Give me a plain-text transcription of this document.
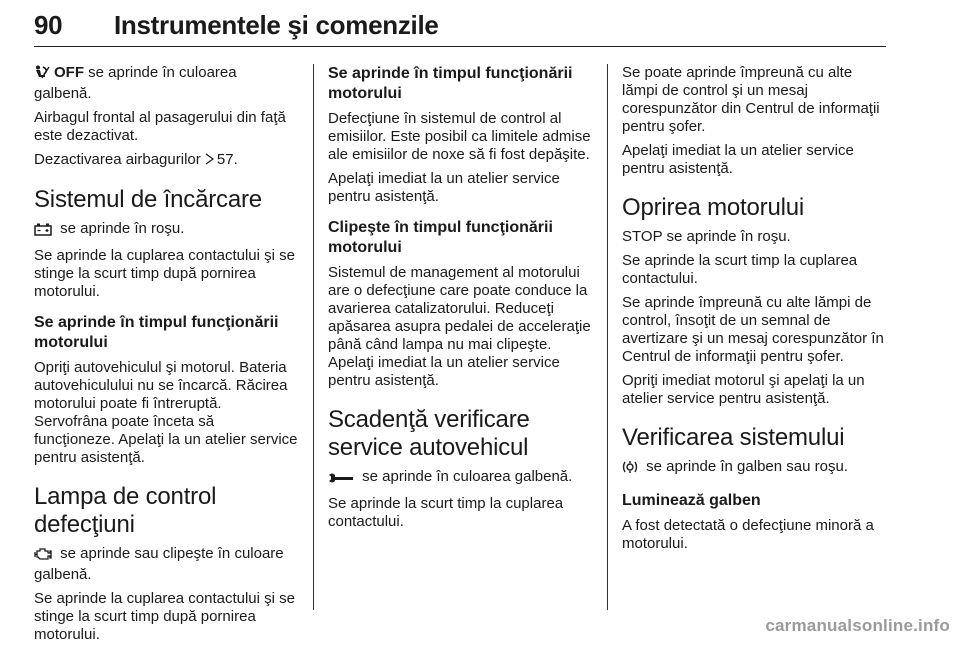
90 Instrumentele şi comenzile

OFF se aprinde în culoarea galbenă.

Airbagul frontal al pasagerului din faţă este dezactivat.

Dezactivarea airbagurilor 57.

Sistemul de încărcare

se aprinde în roşu.

Se aprinde la cuplarea contactului şi se stinge la scurt timp după pornirea motorului.

Se aprinde în timpul funcţionării motorului

Opriţi autovehiculul şi motorul. Bateria autovehiculului nu se încarcă. Răcirea motorului poate fi întreruptă. Servofrâna poate înceta să funcţioneze. Apelaţi la un atelier service pentru asistenţă.

Lampa de control defecţiuni

se aprinde sau clipeşte în culoare galbenă.

Se aprinde la cuplarea contactului şi se stinge la scurt timp după pornirea motorului.

Se aprinde în timpul funcţionării motorului

Defecţiune în sistemul de control al emisiilor. Este posibil ca limitele admise ale emisiilor de noxe să fi fost depăşite.

Apelaţi imediat la un atelier service pentru asistenţă.

Clipeşte în timpul funcţionării motorului

Sistemul de management al motorului are o defecţiune care poate conduce la avarierea catalizatorului. Reduceţi apăsarea asupra pedalei de acceleraţie până când lampa nu mai clipeşte. Apelaţi imediat la un atelier service pentru asistenţă.

Scadenţă verificare service autovehicul

se aprinde în culoarea galbenă.

Se aprinde la scurt timp la cuplarea contactului.

Se poate aprinde împreună cu alte lămpi de control şi un mesaj corespunzător din Centrul de informaţii pentru şofer.

Apelaţi imediat la un atelier service pentru asistenţă.

Oprirea motorului

STOP se aprinde în roşu.

Se aprinde la scurt timp la cuplarea contactului.

Se aprinde împreună cu alte lămpi de control, însoţit de un semnal de avertizare şi un mesaj corespunzător în Centrul de informaţii pentru şofer.

Opriţi imediat motorul şi apelaţi la un atelier service pentru asistenţă.

Verificarea sistemului

se aprinde în galben sau roşu.

Luminează galben

A fost detectată o defecţiune minoră a motorului.

carmanualsonline.info
